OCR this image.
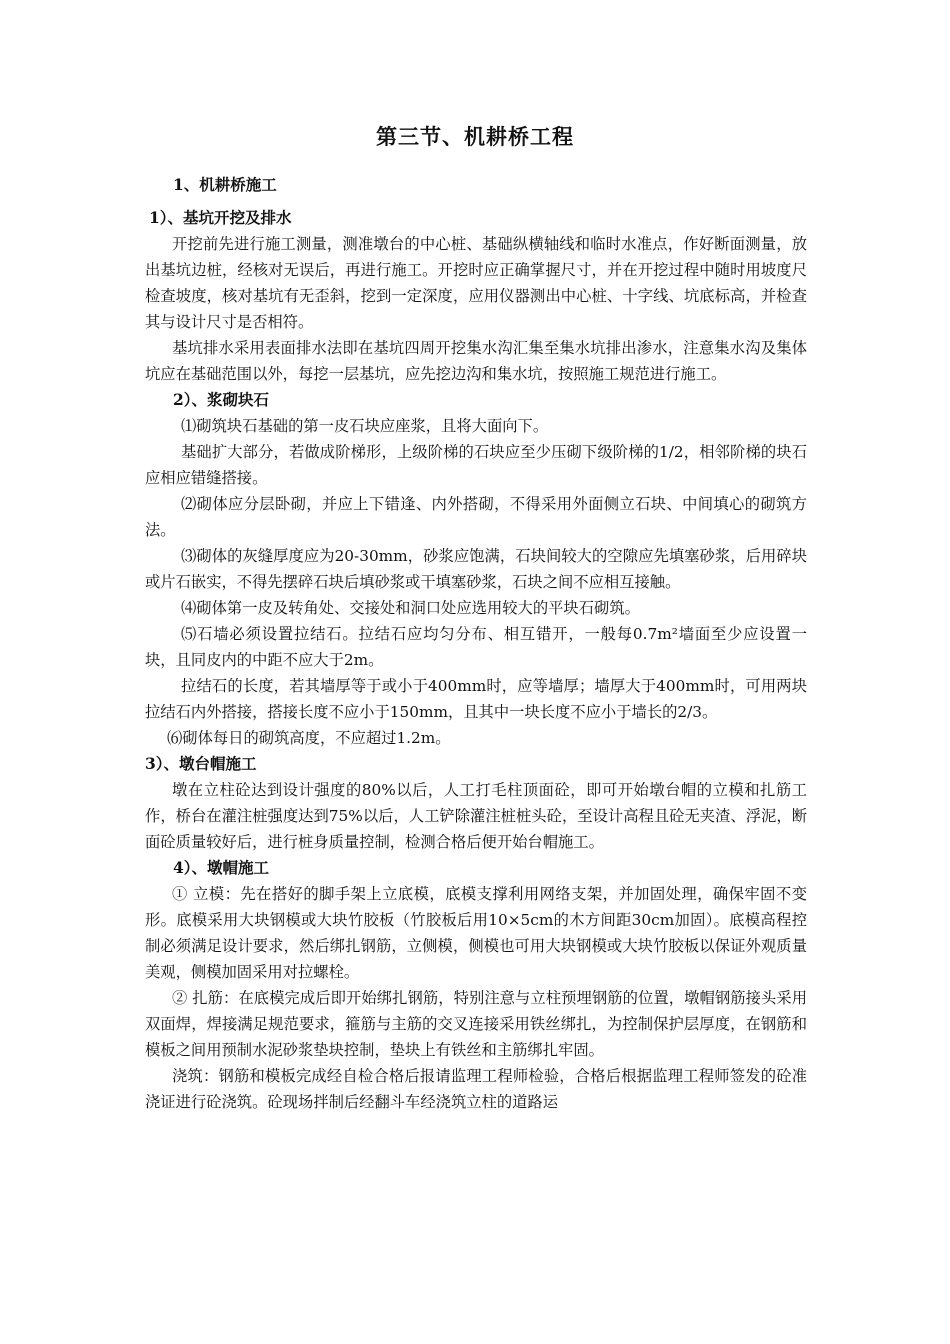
第三节、机耕桥工程

1、机耕桥施工

1）、基坑开挖及排水

开挖前先进行施工测量，测准墩台的中心桩、基础纵横轴线和临时水准点，作好断面测量，放出基坑边桩，经核对无误后，再进行施工。开挖时应正确掌握尺寸，并在开挖过程中随时用坡度尺检查坡度，核对基坑有无歪斜，挖到一定深度，应用仪器测出中心桩、十字线、坑底标高，并检查其与设计尺寸是否相符。

基坑排水采用表面排水法即在基坑四周开挖集水沟汇集至集水坑排出渗水，注意集水沟及集体坑应在基础范围以外，每挖一层基坑，应先挖边沟和集水坑，按照施工规范进行施工。

2）、浆砌块石

⑴砌筑块石基础的第一皮石块应座浆，且将大面向下。

基础扩大部分，若做成阶梯形，上级阶梯的石块应至少压砌下级阶梯的1/2，相邻阶梯的块石应相应错缝搭接。

⑵砌体应分层卧砌，并应上下错逢、内外搭砌，不得采用外面侧立石块、中间填心的砌筑方法。

⑶砌体的灰缝厚度应为20-30mm，砂浆应饱满，石块间较大的空隙应先填塞砂浆，后用碎块或片石嵌实，不得先摆碎石块后填砂浆或干填塞砂浆，石块之间不应相互接触。

⑷砌体第一皮及转角处、交接处和洞口处应选用较大的平块石砌筑。

⑸石墙必须设置拉结石。拉结石应均匀分布、相互错开，一般每0.7m²墙面至少应设置一块，且同皮内的中距不应大于2m。

拉结石的长度，若其墙厚等于或小于400mm时，应等墙厚；墙厚大于400mm时，可用两块拉结石内外搭接，搭接长度不应小于150mm，且其中一块长度不应小于墙长的2/3。

⑹砌体每日的砌筑高度，不应超过1.2m。

3）、墩台帽施工

墩在立柱砼达到设计强度的80%以后，人工打毛柱顶面砼，即可开始墩台帽的立模和扎筋工作，桥台在灌注桩强度达到75%以后，人工铲除灌注桩桩头砼，至设计高程且砼无夹渣、浮泥，断面砼质量较好后，进行桩身质量控制，检测合格后便开始台帽施工。

4）、墩帽施工

① 立模：先在搭好的脚手架上立底模，底模支撑利用网络支架，并加固处理，确保牢固不变形。底模采用大块钢模或大块竹胶板（竹胶板后用10×5cm的木方间距30cm加固）。底模高程控制必须满足设计要求，然后绑扎钢筋，立侧模，侧模也可用大块钢模或大块竹胶板以保证外观质量美观，侧模加固采用对拉螺栓。

② 扎筋：在底模完成后即开始绑扎钢筋，特别注意与立柱预埋钢筋的位置，墩帽钢筋接头采用双面焊，焊接满足规范要求，箍筋与主筋的交叉连接采用铁丝绑扎，为控制保护层厚度，在钢筋和模板之间用预制水泥砂浆垫块控制，垫块上有铁丝和主筋绑扎牢固。

浇筑：钢筋和模板完成经自检合格后报请监理工程师检验，合格后根据监理工程师签发的砼准浇证进行砼浇筑。砼现场拌制后经翻斗车经浇筑立柱的道路运
